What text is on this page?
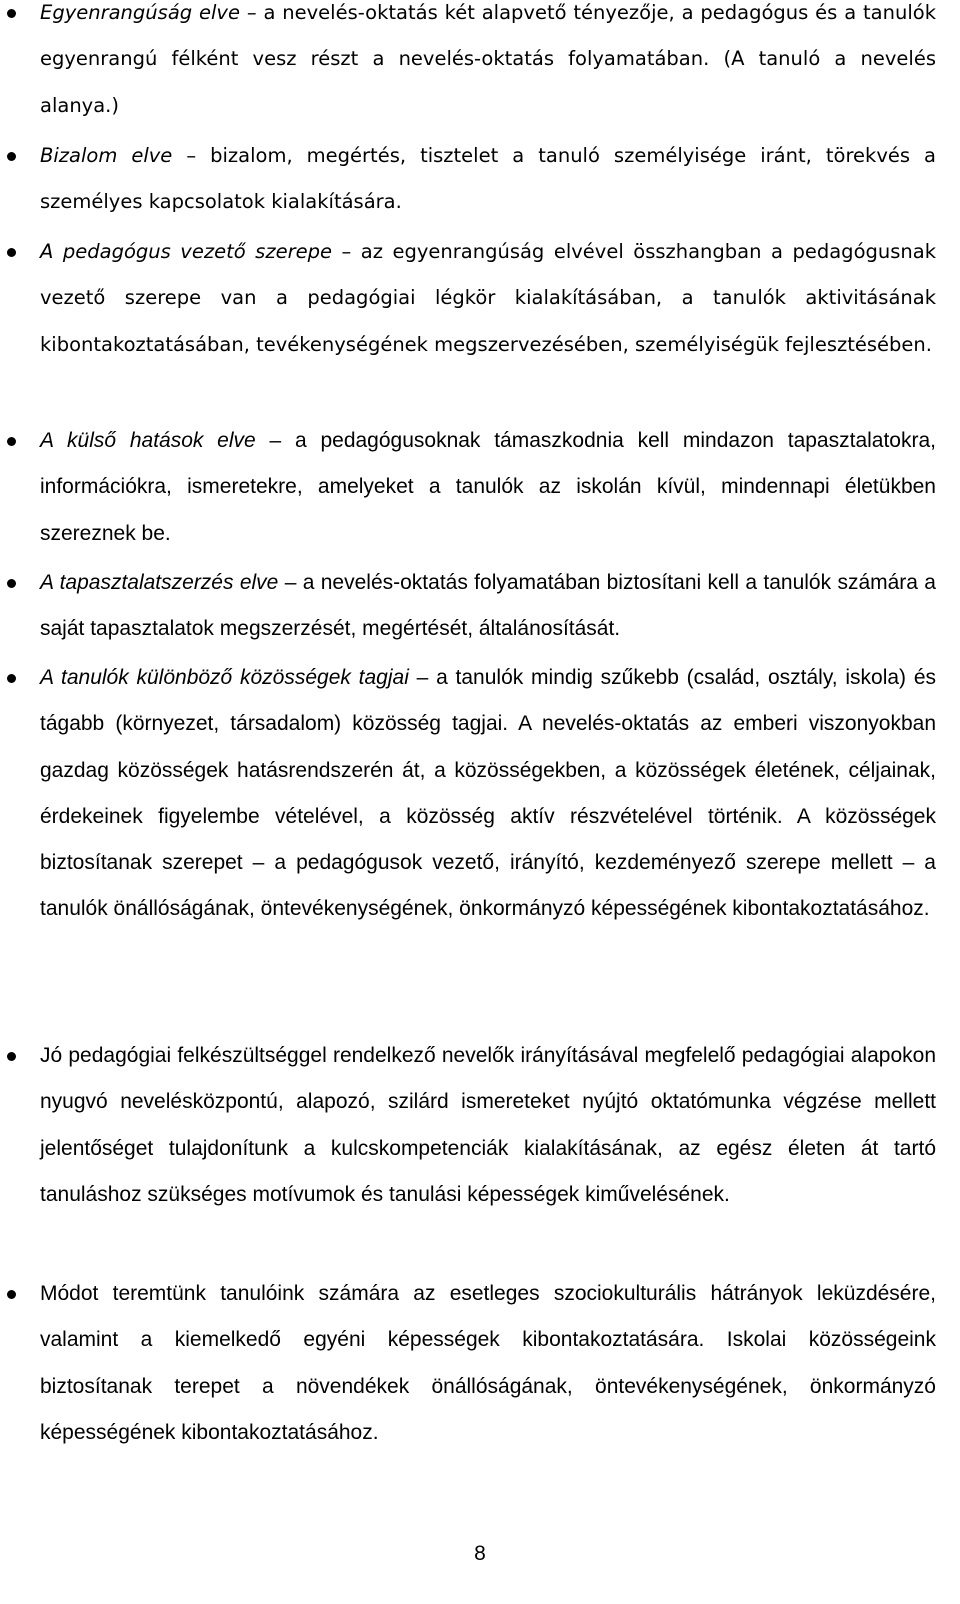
Egyenrangúság elve – a nevelés-oktatás két alapvető tényezője, a pedagógus és a tanulók egyenrangú félként vesz részt a nevelés-oktatás folyamatában. (A tanuló a nevelés alanya.)
Bizalom elve – bizalom, megértés, tisztelet a tanuló személyisége iránt, törekvés a személyes kapcsolatok kialakítására.
A pedagógus vezető szerepe – az egyenrangúság elvével összhangban a pedagógusnak vezető szerepe van a pedagógiai légkör kialakításában, a tanulók aktivitásának kibontakoztatásában, tevékenységének megszervezésében, személyiségük fejlesztésében.
A külső hatások elve – a pedagógusoknak támaszkodnia kell mindazon tapasztalatokra, információkra, ismeretekre, amelyeket a tanulók az iskolán kívül, mindennapi életükben szereznek be.
A tapasztalatszerzés elve – a nevelés-oktatás folyamatában biztosítani kell a tanulók számára a saját tapasztalatok megszerzését, megértését, általánosítását.
A tanulók különböző közösségek tagjai – a tanulók mindig szűkebb (család, osztály, iskola) és tágabb (környezet, társadalom) közösség tagjai. A nevelés-oktatás az emberi viszonyokban gazdag közösségek hatásrendszerén át, a közösségekben, a közösségek életének, céljainak, érdekeinek figyelembe vételével, a közösség aktív részvételével történik. A közösségek biztosítanak szerepet – a pedagógusok vezető, irányító, kezdeményező szerepe mellett – a tanulók önállóságának, öntevékenységének, önkormányzó képességének kibontakoztatásához.
Jó pedagógiai felkészültséggel rendelkező nevelők irányításával megfelelő pedagógiai alapokon nyugvó nevelésközpontú, alapozó, szilárd ismereteket nyújtó oktatómunka végzése mellett jelentőséget tulajdonítunk a kulcskompetenciák kialakításának, az egész életen át tartó tanuláshoz szükséges motívumok és tanulási képességek kiművelésének.
Módot teremtünk tanulóink számára az esetleges szociokulturális hátrányok leküzdésére, valamint a kiemelkedő egyéni képességek kibontakoztatására. Iskolai közösségeink biztosítanak terepet a növendékek önállóságának, öntevékenységének, önkormányzó képességének kibontakoztatásához.
8
